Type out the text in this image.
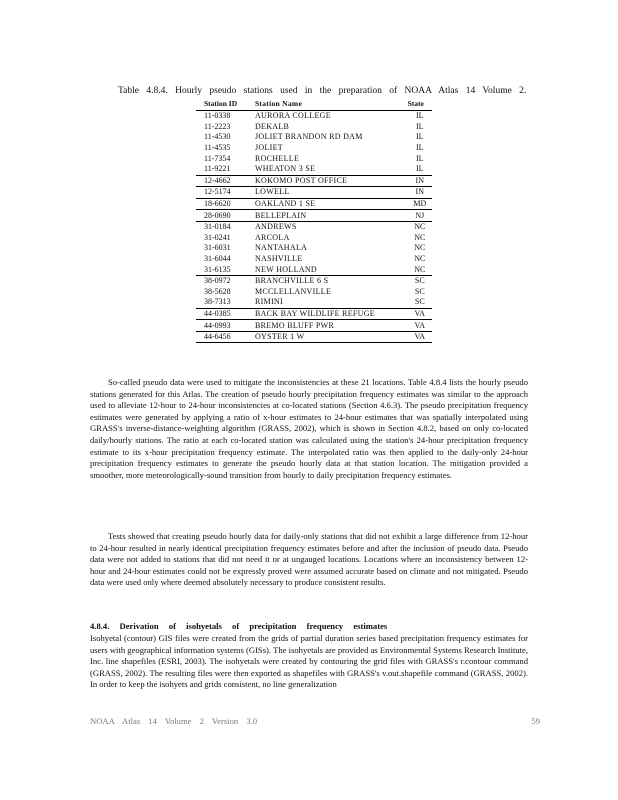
Table 4.8.4. Hourly pseudo stations used in the preparation of NOAA Atlas 14 Volume 2.
Station ID	Station Name	State
11-0338	AURORA COLLEGE	IL
11-2223	DEKALB	IL
11-4530	JOLIET BRANDON RD DAM	IL
11-4535	JOLIET	IL
11-7354	ROCHELLE	IL
11-9221	WHEATON 3 SE	IL
12-4662	KOKOMO POST OFFICE	IN
12-5174	LOWELL	IN
18-6620	OAKLAND 1 SE	MD
28-0690	BELLEPLAIN	NJ
31-0184	ANDREWS	NC
31-0241	ARCOLA	NC
31-6031	NANTAHALA	NC
31-6044	NASHVILLE	NC
31-6135	NEW HOLLAND	NC
38-0972	BRANCHVILLE 6 S	SC
38-5628	MCCLELLANVILLE	SC
38-7313	RIMINI	SC
44-0385	BACK BAY WILDLIFE REFUGE	VA
44-0993	BREMO BLUFF PWR	VA
44-6456	OYSTER 1 W	VA

So-called pseudo data were used to mitigate the inconsistencies at these 21 locations. Table 4.8.4 lists the hourly pseudo stations generated for this Atlas. The creation of pseudo hourly precipitation frequency estimates was similar to the approach used to alleviate 12-hour to 24-hour inconsistencies at co-located stations (Section 4.6.3). The pseudo precipitation frequency estimates were generated by applying a ratio of x-hour estimates to 24-hour estimates that was spatially interpolated using GRASS's inverse-distance-weighting algorithm (GRASS, 2002), which is shown in Section 4.8.2, based on only co-located daily/hourly stations. The ratio at each co-located station was calculated using the station's 24-hour precipitation frequency estimate to its x-hour precipitation frequency estimate. The interpolated ratio was then applied to the daily-only 24-hour precipitation frequency estimates to generate the pseudo hourly data at that station location. The mitigation provided a smoother, more meteorologically-sound transition from hourly to daily precipitation frequency estimates.

Tests showed that creating pseudo hourly data for daily-only stations that did not exhibit a large difference from 12-hour to 24-hour resulted in nearly identical precipitation frequency estimates before and after the inclusion of pseudo data. Pseudo data were not added to stations that did not need it or at ungauged locations. Locations where an inconsistency between 12-hour and 24-hour estimates could not be expressly proved were assumed accurate based on climate and not mitigated. Pseudo data were used only where deemed absolutely necessary to produce consistent results.

4.8.4. Derivation of isohyetals of precipitation frequency estimates

Isohyetal (contour) GIS files were created from the grids of partial duration series based precipitation frequency estimates for users with geographical information systems (GISs). The isohyetals are provided as Environmental Systems Research Institute, Inc. line shapefiles (ESRI, 2003). The isohyetals were created by contouring the grid files with GRASS's r.contour command (GRASS, 2002). The resulting files were then exported as shapefiles with GRASS's v.out.shapefile command (GRASS, 2002). In order to keep the isohyets and grids consistent, no line generalization

NOAA Atlas 14 Volume 2 Version 3.0	59
